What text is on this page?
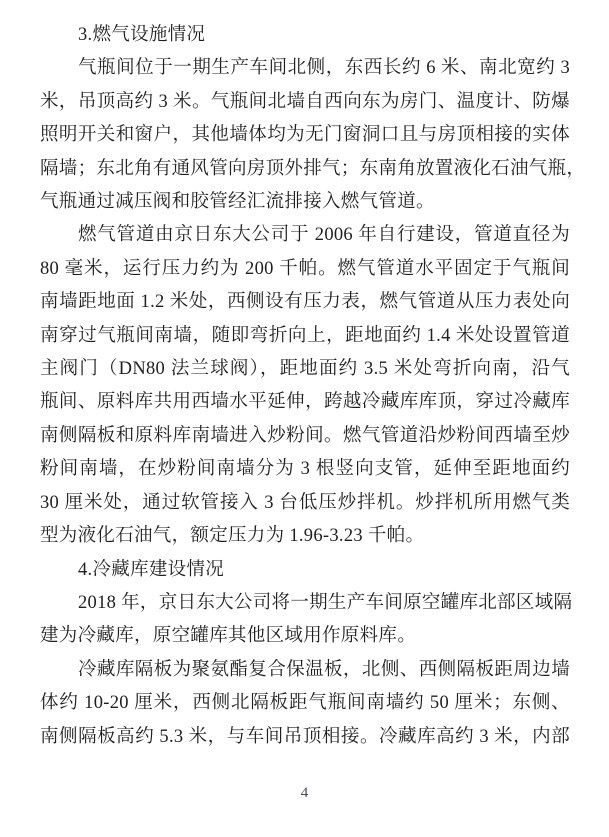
3.燃气设施情况
气瓶间位于一期生产车间北侧，东西长约 6 米、南北宽约 3
米，吊顶高约 3 米。气瓶间北墙自西向东为房门、温度计、防爆
照明开关和窗户，其他墙体均为无门窗洞口且与房顶相接的实体
隔墙；东北角有通风管向房顶外排气；东南角放置液化石油气瓶，
气瓶通过减压阀和胶管经汇流排接入燃气管道。
燃气管道由京日东大公司于 2006 年自行建设，管道直径为
80 毫米，运行压力约为 200 千帕。燃气管道水平固定于气瓶间
南墙距地面 1.2 米处，西侧设有压力表，燃气管道从压力表处向
南穿过气瓶间南墙，随即弯折向上，距地面约 1.4 米处设置管道
主阀门（DN80 法兰球阀），距地面约 3.5 米处弯折向南，沿气
瓶间、原料库共用西墙水平延伸，跨越冷藏库库顶，穿过冷藏库
南侧隔板和原料库南墙进入炒粉间。燃气管道沿炒粉间西墙至炒
粉间南墙，在炒粉间南墙分为 3 根竖向支管，延伸至距地面约
30 厘米处，通过软管接入 3 台低压炒拌机。炒拌机所用燃气类
型为液化石油气，额定压力为 1.96-3.23 千帕。
4.冷藏库建设情况
2018 年，京日东大公司将一期生产车间原空罐库北部区域隔
建为冷藏库，原空罐库其他区域用作原料库。
冷藏库隔板为聚氨酯复合保温板，北侧、西侧隔板距周边墙
体约 10-20 厘米，西侧北隔板距气瓶间南墙约 50 厘米；东侧、
南侧隔板高约 5.3 米，与车间吊顶相接。冷藏库高约 3 米，内部
4
